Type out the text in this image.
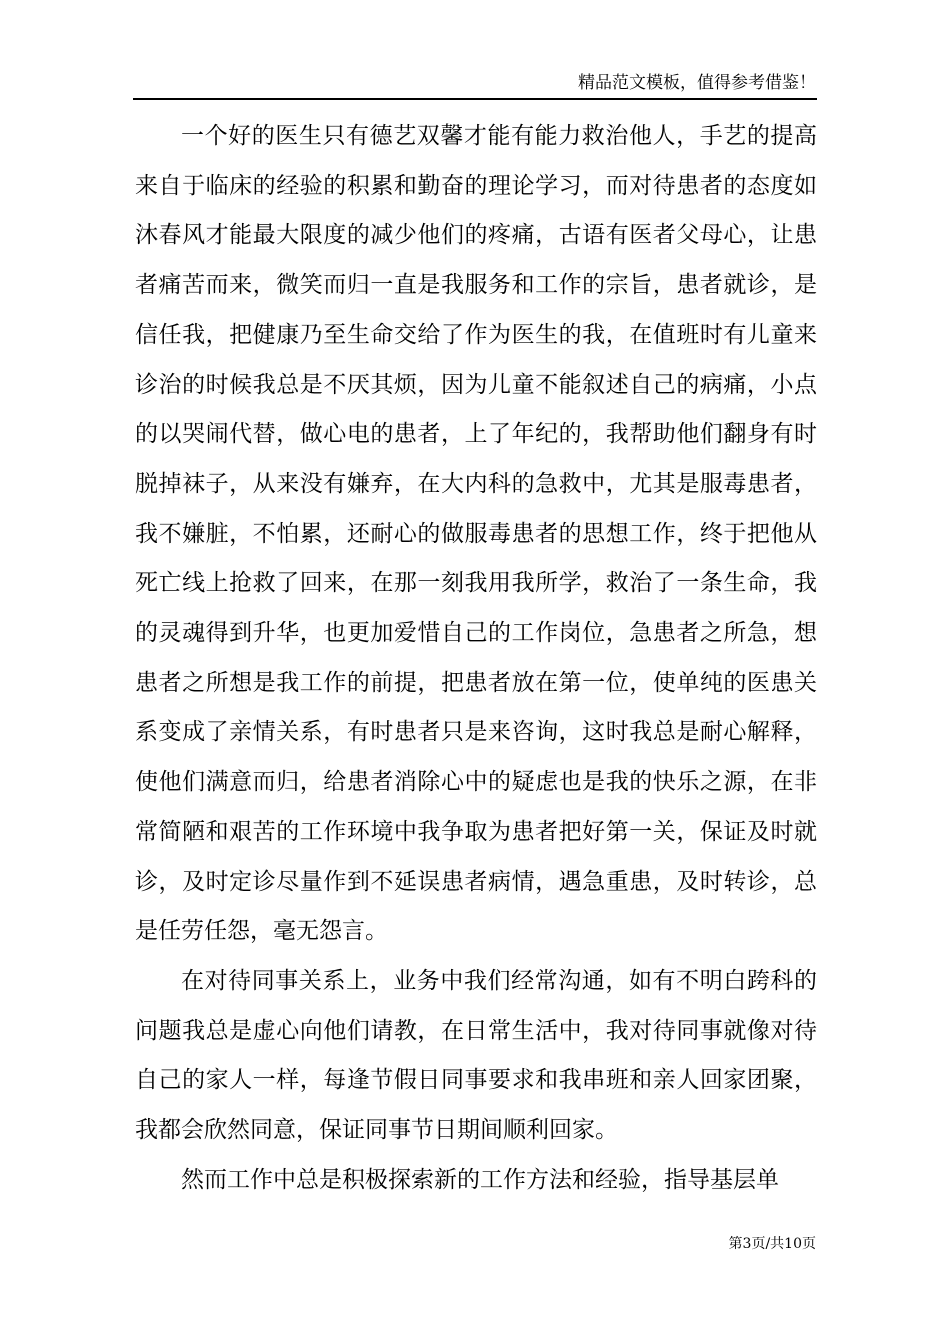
精品范文模板，值得参考借鉴！

一个好的医生只有德艺双馨才能有能力救治他人，手艺的提高来自于临床的经验的积累和勤奋的理论学习，而对待患者的态度如沐春风才能最大限度的减少他们的疼痛，古语有医者父母心，让患者痛苦而来，微笑而归一直是我服务和工作的宗旨，患者就诊，是信任我，把健康乃至生命交给了作为医生的我，在值班时有儿童来诊治的时候我总是不厌其烦，因为儿童不能叙述自己的病痛，小点的以哭闹代替，做心电的患者，上了年纪的，我帮助他们翻身有时脱掉袜子，从来没有嫌弃，在大内科的急救中，尤其是服毒患者，我不嫌脏，不怕累，还耐心的做服毒患者的思想工作，终于把他从死亡线上抢救了回来，在那一刻我用我所学，救治了一条生命，我的灵魂得到升华，也更加爱惜自己的工作岗位，急患者之所急，想患者之所想是我工作的前提，把患者放在第一位，使单纯的医患关系变成了亲情关系，有时患者只是来咨询，这时我总是耐心解释，使他们满意而归，给患者消除心中的疑虑也是我的快乐之源，在非常简陋和艰苦的工作环境中我争取为患者把好第一关，保证及时就诊，及时定诊尽量作到不延误患者病情，遇急重患，及时转诊，总是任劳任怨，毫无怨言。

在对待同事关系上，业务中我们经常沟通，如有不明白跨科的问题我总是虚心向他们请教，在日常生活中，我对待同事就像对待自己的家人一样，每逢节假日同事要求和我串班和亲人回家团聚，我都会欣然同意，保证同事节日期间顺利回家。

然而工作中总是积极探索新的工作方法和经验，指导基层单

第3页/共10页
